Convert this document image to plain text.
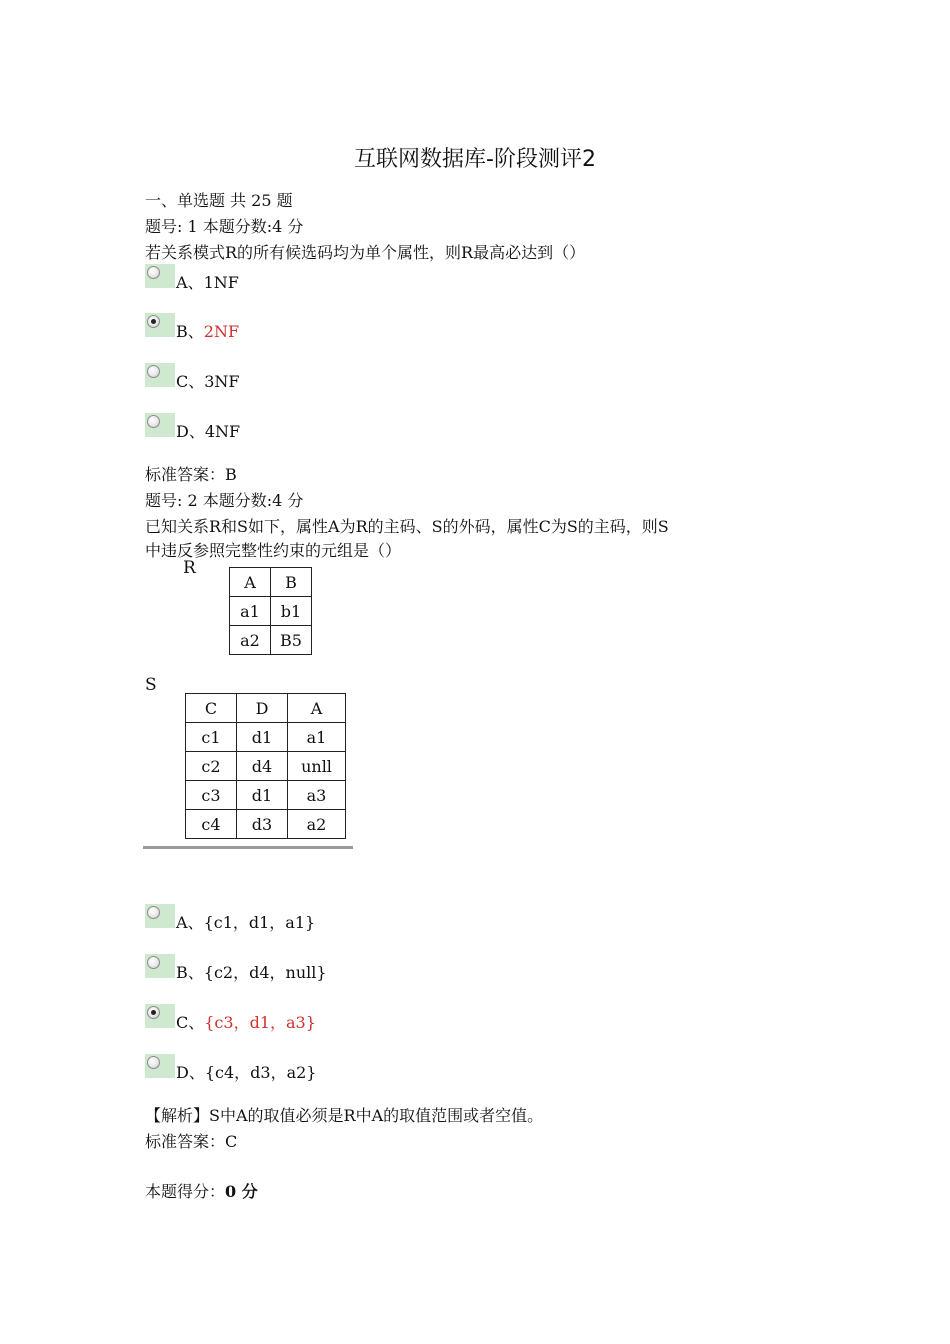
互联网数据库-阶段测评2
一、单选题 共 25 题
题号: 1 本题分数:4 分
若关系模式R的所有候选码均为单个属性，则R最高必达到（）
A、1NF
B、2NF
C、3NF
D、4NF
标准答案：B
题号: 2 本题分数:4 分
已知关系R和S如下，属性A为R的主码、S的外码，属性C为S的主码，则S
中违反参照完整性约束的元组是（）
R
A	B
a1	b1
a2	B5
S
C	D	A
c1	d1	a1
c2	d4	unll
c3	d1	a3
c4	d3	a2
A、{c1，d1，a1}
B、{c2，d4，null}
C、{c3，d1，a3}
D、{c4，d3，a2}
【解析】S中A的取值必须是R中A的取值范围或者空值。
标准答案：C
本题得分：0 分
